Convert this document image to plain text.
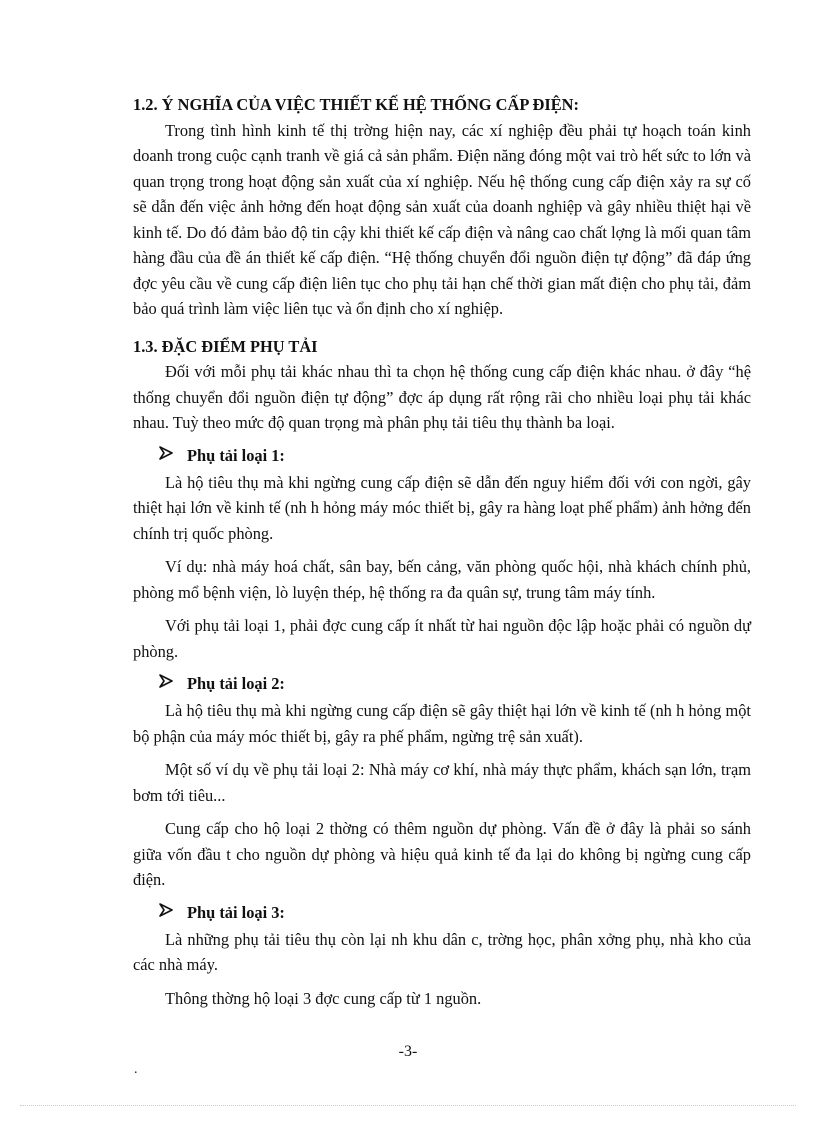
1.2. Ý NGHĨA CỦA VIỆC THIẾT KẾ HỆ THỐNG CẤP ĐIỆN:

Trong tình hình kinh tế thị trờng hiện nay, các xí nghiệp đều phải tự hoạch toán kinh doanh trong cuộc cạnh tranh về giá cả sản phẩm. Điện năng đóng một vai trò hết sức to lớn và quan trọng trong hoạt động sản xuất của xí nghiệp. Nếu hệ thống cung cấp điện xảy ra sự cố sẽ dẫn đến việc ảnh hởng đến hoạt động sản xuất của doanh nghiệp và gây nhiều thiệt hại về kinh tế. Do đó đảm bảo độ tin cậy khi thiết kế cấp điện và nâng cao chất lợng là mối quan tâm hàng đầu của đề án thiết kế cấp điện. “Hệ thống chuyển đổi nguồn điện tự động” đã đáp ứng đợc yêu cầu về cung cấp điện liên tục cho phụ tải hạn chế thời gian mất điện cho phụ tải, đảm bảo quá trình làm việc liên tục và ổn định cho xí nghiệp.

1.3. ĐẶC ĐIỂM PHỤ TẢI

Đối với mỗi phụ tải khác nhau thì ta chọn hệ thống cung cấp điện khác nhau. ở đây “hệ thống chuyển đổi nguồn điện tự động” đợc áp dụng rất rộng rãi cho nhiều loại phụ tải khác nhau. Tuỳ theo mức độ quan trọng mà phân phụ tải tiêu thụ thành ba loại.

Phụ tải loại 1:

Là hộ tiêu thụ mà khi ngừng cung cấp điện sẽ dẫn đến nguy hiểm đối với con ngời, gây thiệt hại lớn về kinh tế (nh h hỏng máy móc thiết bị, gây ra hàng loạt phế phẩm) ảnh hởng đến chính trị quốc phòng.

Ví dụ: nhà máy hoá chất, sân bay, bến cảng, văn phòng quốc hội, nhà khách chính phủ, phòng mổ bệnh viện, lò luyện thép, hệ thống ra đa quân sự, trung tâm máy tính.

Với phụ tải loại 1, phải đợc cung cấp ít nhất từ hai nguồn độc lập hoặc phải có nguồn dự phòng.

Phụ tải loại 2:

Là hộ tiêu thụ mà khi ngừng cung cấp điện sẽ gây thiệt hại lớn về kinh tế (nh h hỏng một bộ phận của máy móc thiết bị, gây ra phế phẩm, ngừng trệ sản xuất).

Một số ví dụ về phụ tải loại 2: Nhà máy cơ khí, nhà máy thực phẩm, khách sạn lớn, trạm bơm tới tiêu...

Cung cấp cho hộ loại 2 thờng có thêm nguồn dự phòng. Vấn đề ở đây là phải so sánh giữa vốn đầu t cho nguồn dự phòng và hiệu quả kinh tế đa lại do không bị ngừng cung cấp điện.

Phụ tải loại 3:

Là những phụ tải tiêu thụ còn lại nh khu dân c, trờng học, phân xởng phụ, nhà kho của các nhà máy.

Thông thờng hộ loại 3 đợc cung cấp từ 1 nguồn.

-3-
.
